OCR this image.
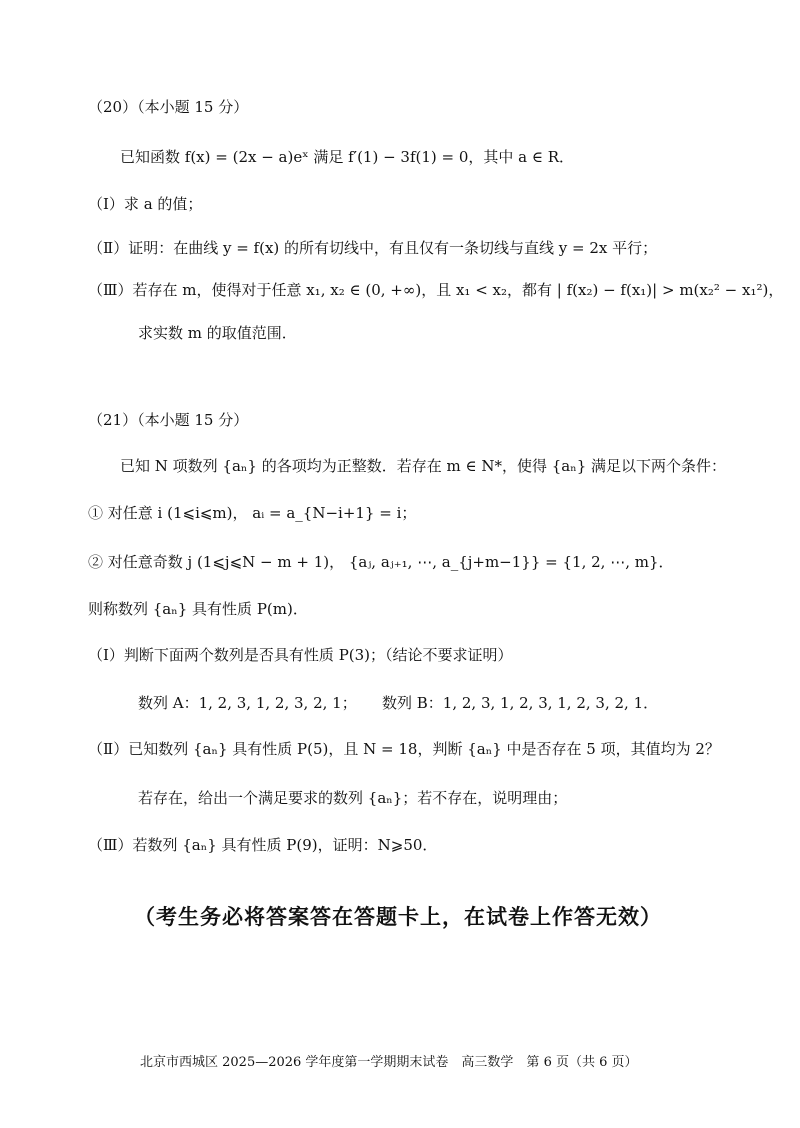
（20）（本小题 15 分）
已知函数 f(x) = (2x − a)eˣ 满足 f′(1) − 3f(1) = 0，其中 a ∈ R．
（Ⅰ）求 a 的值；
（Ⅱ）证明：在曲线 y = f(x) 的所有切线中，有且仅有一条切线与直线 y = 2x 平行；
（Ⅲ）若存在 m，使得对于任意 x₁, x₂ ∈ (0, +∞)，且 x₁ < x₂，都有 | f(x₂) − f(x₁)| > m(x₂² − x₁²)，
求实数 m 的取值范围．
（21）（本小题 15 分）
已知 N 项数列 {aₙ} 的各项均为正整数．若存在 m ∈ N*，使得 {aₙ} 满足以下两个条件：
① 对任意 i (1⩽i⩽m)， aᵢ = a_{N−i+1} = i；
② 对任意奇数 j (1⩽j⩽N − m + 1)， {aⱼ, aⱼ₊₁, ⋯, a_{j+m−1}} = {1, 2, ⋯, m}．
则称数列 {aₙ} 具有性质 P(m)．
（Ⅰ）判断下面两个数列是否具有性质 P(3)；（结论不要求证明）
数列 A：1, 2, 3, 1, 2, 3, 2, 1； 数列 B：1, 2, 3, 1, 2, 3, 1, 2, 3, 2, 1．
（Ⅱ）已知数列 {aₙ} 具有性质 P(5)，且 N = 18，判断 {aₙ} 中是否存在 5 项，其值均为 2？
若存在，给出一个满足要求的数列 {aₙ}；若不存在，说明理由；
（Ⅲ）若数列 {aₙ} 具有性质 P(9)，证明：N⩾50．
（考生务必将答案答在答题卡上，在试卷上作答无效）
北京市西城区 2025—2026 学年度第一学期期末试卷　高三数学　第 6 页（共 6 页）
